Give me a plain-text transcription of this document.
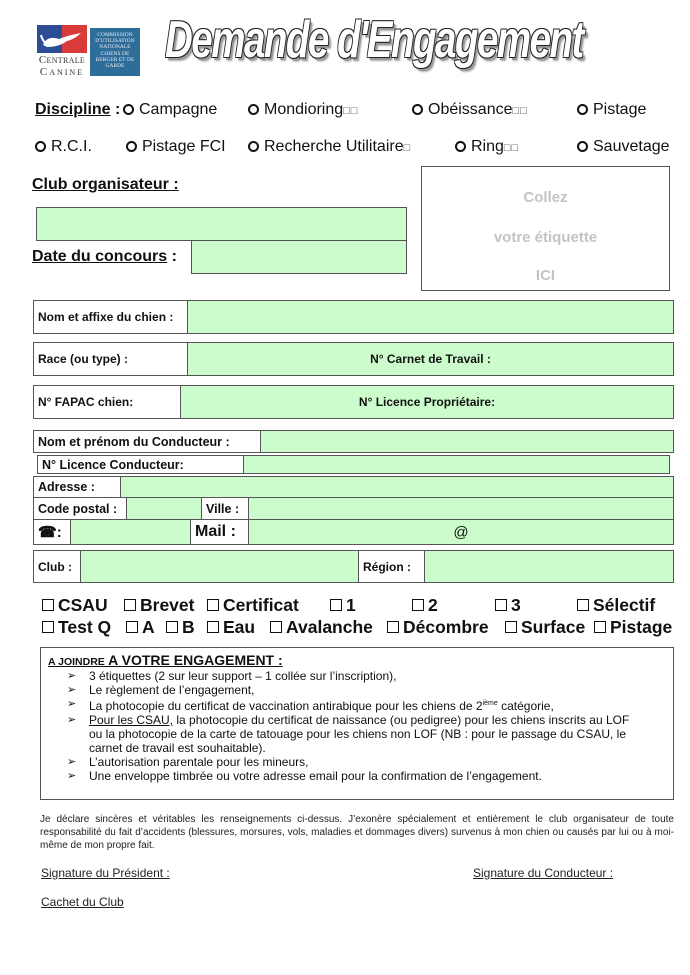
Centrale
Canine
COMMISSION D'UTILISATION NATIONALE CHIENS DE BERGER ET DE GARDE Demande d'Engagement
Discipline :	Campagne	Mondioring□□	Obéissance□□	Pistage
R.C.I.	Pistage FCI	Recherche Utilitaire□	Ring□□	Sauvetage
Club organisateur :
Date du concours :
Collez
votre étiquette
ICI
Nom et affixe du chien :
Race (ou type) :	N° Carnet de Travail :
N° FAPAC chien:	N° Licence Propriétaire:
Nom et prénom du Conducteur :
N° Licence Conducteur:
Adresse :
Code postal :	Ville :
☎ :	Mail :	@
Club :	Région :
CSAU	Brevet	Certificat	1	2	3	Sélectif
Test Q	A	B	Eau	Avalanche	Décombre	Surface	Pistage
A JOINDRE A VOTRE ENGAGEMENT :
➢ 3 étiquettes (2 sur leur support – 1 collée sur l’inscription),
➢ Le règlement de l’engagement,
➢ La photocopie du certificat de vaccination antirabique pour les chiens de 2ième catégorie,
➢ Pour les CSAU, la photocopie du certificat de naissance (ou pedigree) pour les chiens inscrits au LOF
ou la photocopie de la carte de tatouage pour les chiens non LOF (NB : pour le passage du CSAU, le
carnet de travail est souhaitable).
➢ L’autorisation parentale pour les mineurs,
➢ Une enveloppe timbrée ou votre adresse email pour la confirmation de l’engagement.
Je déclare sincères et véritables les renseignements ci-dessus. J’exonère spécialement et entièrement le club organisateur de toute responsabilité du fait d’accidents (blessures, morsures, vols, maladies et dommages divers) survenus à mon chien ou causés par lui ou à moi-même de mon propre fait.
Signature du Président :	Signature du Conducteur :
Cachet du Club
